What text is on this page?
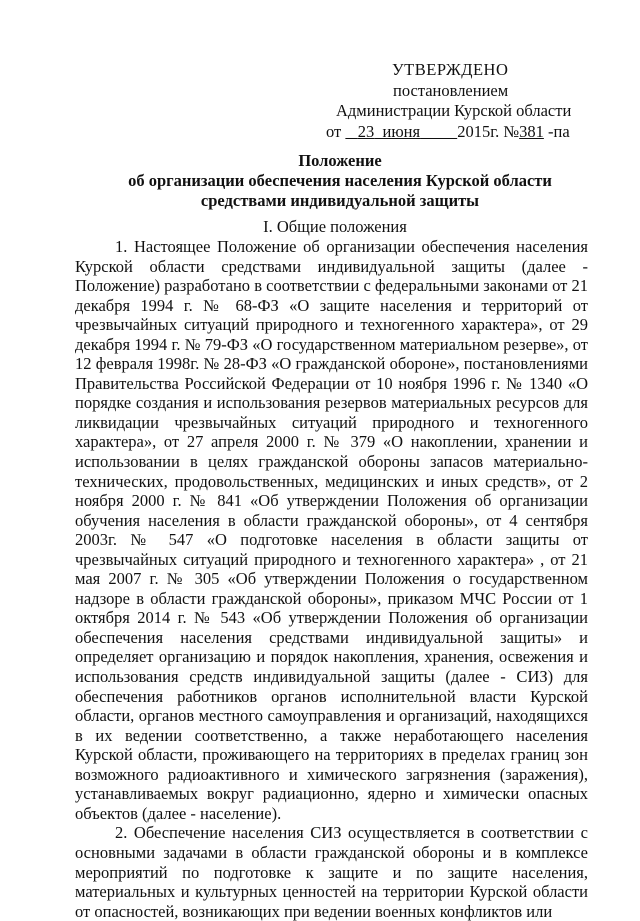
УТВЕРЖДЕНО
постановлением
Администрации Курской области
от 23 июня 2015г. №381 -па
Положение
об организации обеспечения населения Курской области
средствами индивидуальной защиты
I. Общие положения

1. Настоящее Положение об организации обеспечения населения Курской области средствами индивидуальной защиты (далее - Положение) разработано в соответствии с федеральными законами от 21 декабря 1994 г. № 68-ФЗ «О защите населения и территорий от чрезвычайных ситуаций природного и техногенного характера», от 29 декабря 1994 г. № 79-ФЗ «О государственном материальном резерве», от 12 февраля 1998г. № 28-ФЗ «О гражданской обороне», постановлениями Правительства Российской Федерации от 10 ноября 1996 г. № 1340 «О порядке создания и использования резервов материальных ресурсов для ликвидации чрезвычайных ситуаций природного и техногенного характера», от 27 апреля 2000 г. № 379 «О накоплении, хранении и использовании в целях гражданской обороны запасов материально-технических, продовольственных, медицинских и иных средств», от 2 ноября 2000 г. № 841 «Об утверждении Положения об организации обучения населения в области гражданской обороны», от 4 сентября 2003г. № 547 «О подготовке населения в области защиты от чрезвычайных ситуаций природного и техногенного характера» , от 21 мая 2007 г. № 305 «Об утверждении Положения о государственном надзоре в области гражданской обороны», приказом МЧС России от 1 октября 2014 г. № 543 «Об утверждении Положения об организации обеспечения населения средствами индивидуальной защиты» и определяет организацию и порядок накопления, хранения, освежения и использования средств индивидуальной защиты (далее - СИЗ) для обеспечения работников органов исполнительной власти Курской области, органов местного самоуправления и организаций, находящихся в их ведении соответственно, а также неработающего населения Курской области, проживающего на территориях в пределах границ зон возможного радиоактивного и химического загрязнения (заражения), устанавливаемых вокруг радиационно, ядерно и химически опасных объектов (далее - население).

2. Обеспечение населения СИЗ осуществляется в соответствии с основными задачами в области гражданской обороны и в комплексе мероприятий по подготовке к защите и по защите населения, материальных и культурных ценностей на территории Курской области от опасностей, возникающих при ведении военных конфликтов или
